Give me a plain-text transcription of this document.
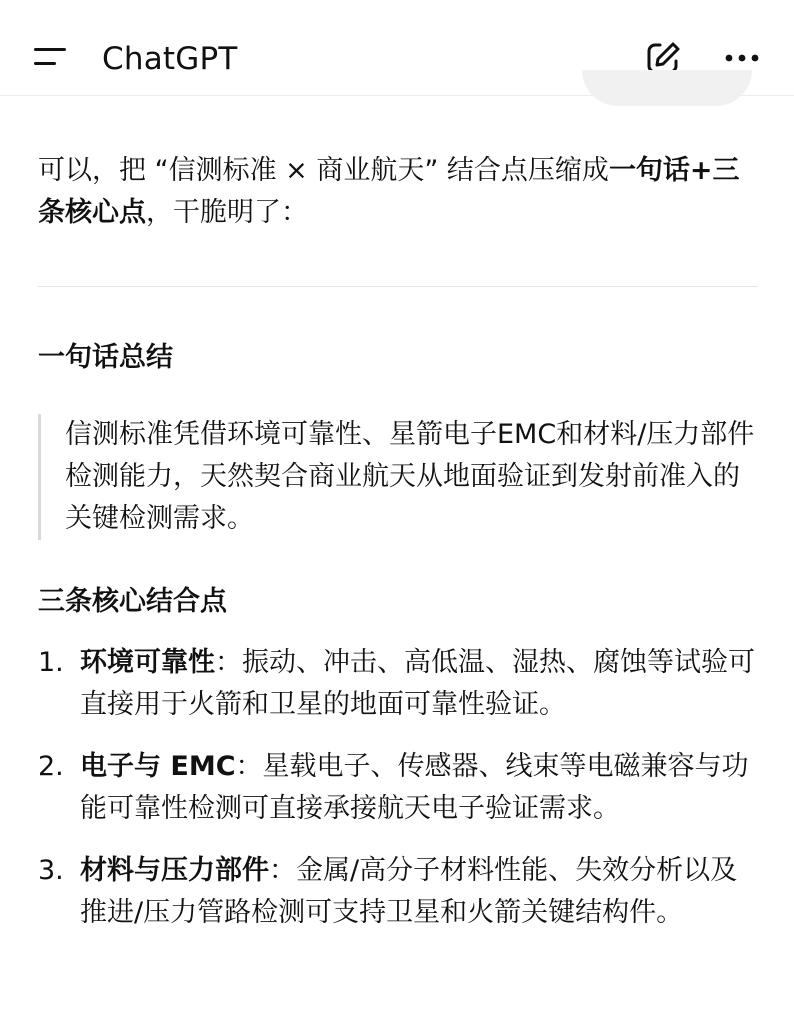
ChatGPT
可以，把 “信测标准 × 商业航天” 结合点压缩成一句话+三条核心点，干脆明了：
一句话总结
信测标准凭借环境可靠性、星箭电子EMC和材料/压力部件检测能力，天然契合商业航天从地面验证到发射前准入的关键检测需求。
三条核心结合点
1. 环境可靠性：振动、冲击、高低温、湿热、腐蚀等试验可直接用于火箭和卫星的地面可靠性验证。
2. 电子与 EMC：星载电子、传感器、线束等电磁兼容与功能可靠性检测可直接承接航天电子验证需求。
3. 材料与压力部件：金属/高分子材料性能、失效分析以及推进/压力管路检测可支持卫星和火箭关键结构件。
